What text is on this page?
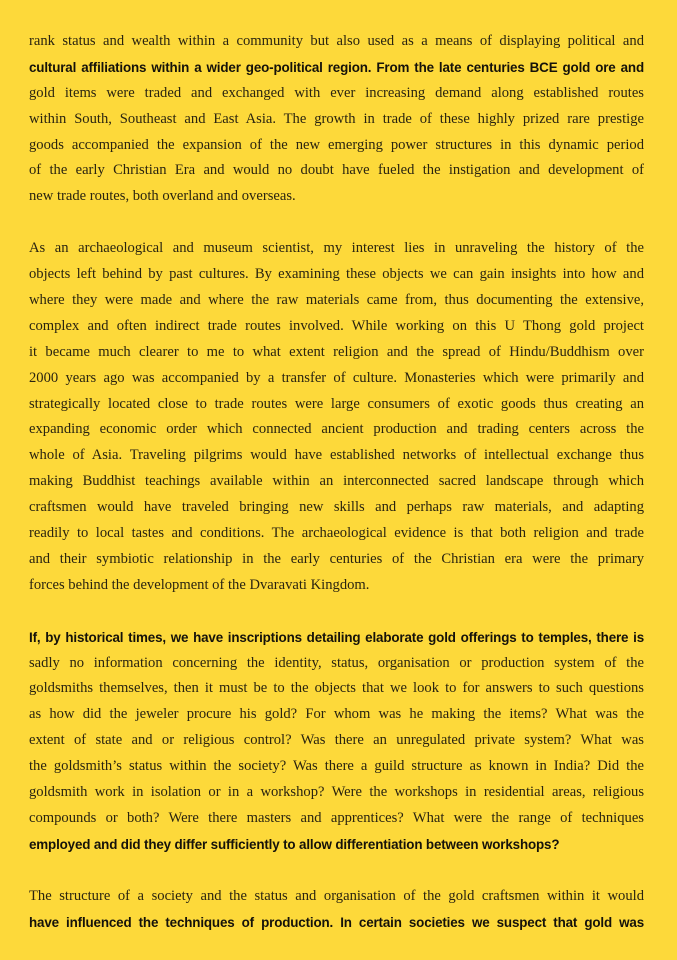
rank status and wealth within a community but also used as a means of displaying political and
cultural affiliations within a wider geo-political region. From the late centuries BCE gold ore and
gold items were traded and exchanged with ever increasing demand along established routes
within South, Southeast and East Asia. The growth in trade of these highly prized rare prestige
goods accompanied the expansion of the new emerging power structures in this dynamic period
of the early Christian Era and would no doubt have fueled the instigation and development of
new trade routes, both overland and overseas.
As an archaeological and museum scientist, my interest lies in unraveling the history of the
objects left behind by past cultures. By examining these objects we can gain insights into how and
where they were made and where the raw materials came from, thus documenting the extensive,
complex and often indirect trade routes involved. While working on this U Thong gold project
it became much clearer to me to what extent religion and the spread of Hindu/Buddhism over
2000 years ago was accompanied by a transfer of culture. Monasteries which were primarily and
strategically located close to trade routes were large consumers of exotic goods thus creating an
expanding economic order which connected ancient production and trading centers across the
whole of Asia. Traveling pilgrims would have established networks of intellectual exchange thus
making Buddhist teachings available within an interconnected sacred landscape through which
craftsmen would have traveled bringing new skills and perhaps raw materials, and adapting
readily to local tastes and conditions. The archaeological evidence is that both religion and trade
and their symbiotic relationship in the early centuries of the Christian era were the primary
forces behind the development of the Dvaravati Kingdom.
If, by historical times, we have inscriptions detailing elaborate gold offerings to temples, there is
sadly no information concerning the identity, status, organisation or production system of the
goldsmiths themselves, then it must be to the objects that we look to for answers to such questions
as how did the jeweler procure his gold? For whom was he making the items? What was the
extent of state and or religious control? Was there an unregulated private system? What was
the goldsmith’s status within the society? Was there a guild structure as known in India? Did the
goldsmith work in isolation or in a workshop? Were the workshops in residential areas, religious
compounds or both? Were there masters and apprentices? What were the range of techniques
employed and did they differ sufficiently to allow differentiation between workshops?
The structure of a society and the status and organisation of the gold craftsmen within it would
have influenced the techniques of production. In certain societies we suspect that gold was
